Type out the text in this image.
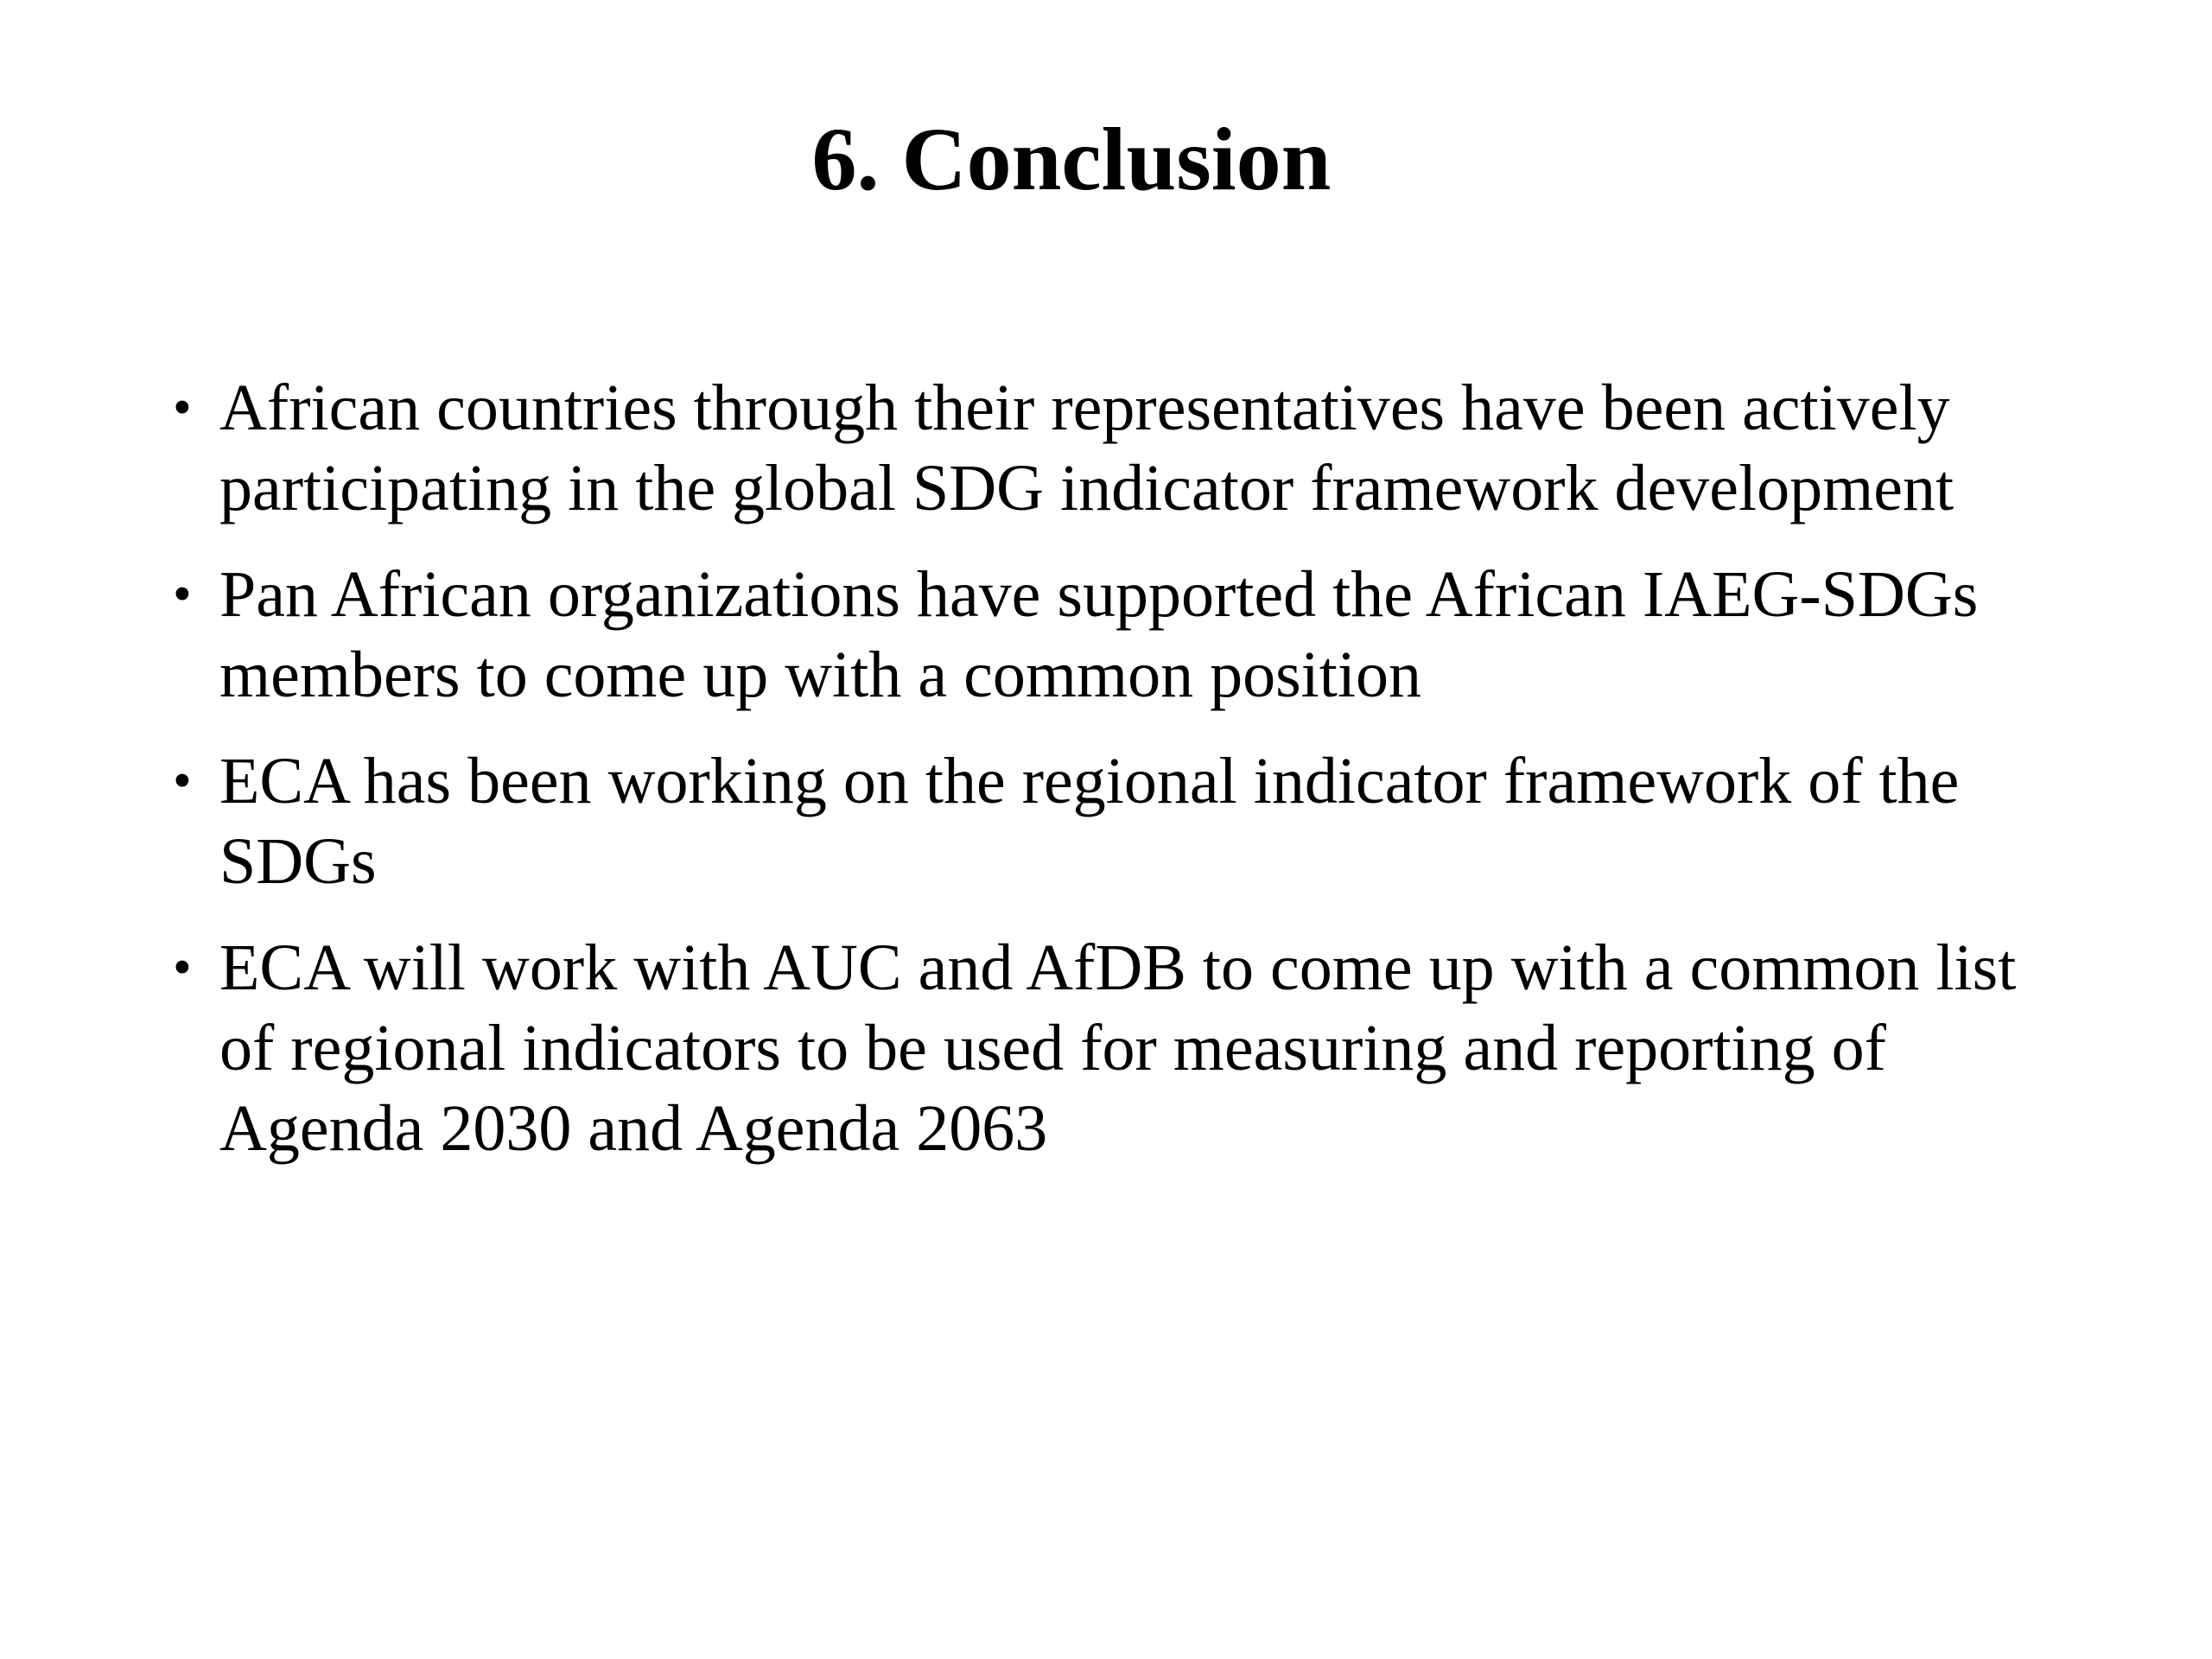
6. Conclusion
• African countries through their representatives have been actively participating in the global SDG indicator framework development
• Pan African organizations have supported the African IAEG-SDGs members to come up with a common position
• ECA has been working on the regional indicator framework of the SDGs
• ECA will work with AUC and AfDB to come up with a common list of regional indicators to be used for measuring and reporting of Agenda 2030 and Agenda 2063
